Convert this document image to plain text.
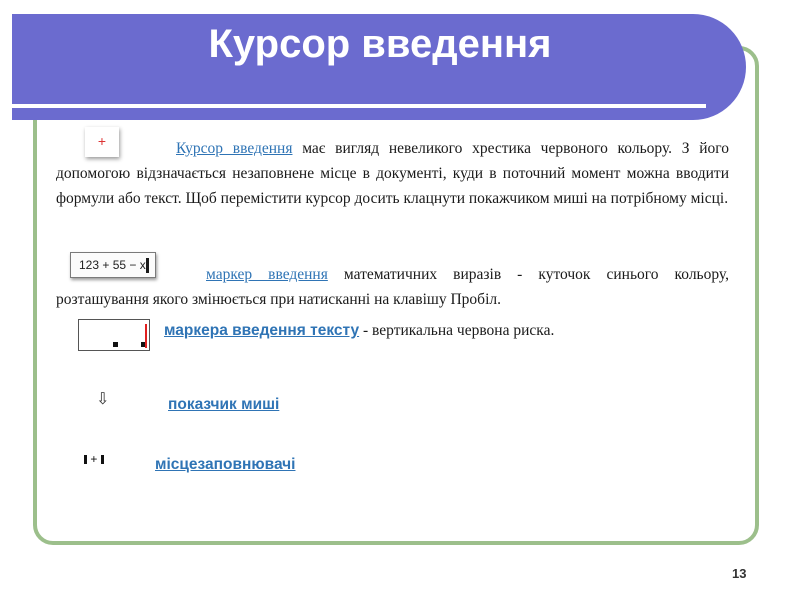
Курсор введення
+	Курсор введення має вигляд невеликого хрестика червоного кольору. З його допомогою відзначається незаповнене місце в документі, куди в поточний момент можна вводити формули або текст. Щоб перемістити курсор досить клацнути покажчиком миші на потрібному місці.
123 + 55 − x
маркер введення математичних виразів - куточок синього кольору, розташування якого змінюється при натисканні на клавішу Пробіл.
маркера введення тексту - вертикальна червона риска.
⇩	показчик миші
+	місцезаповнювачі
13
